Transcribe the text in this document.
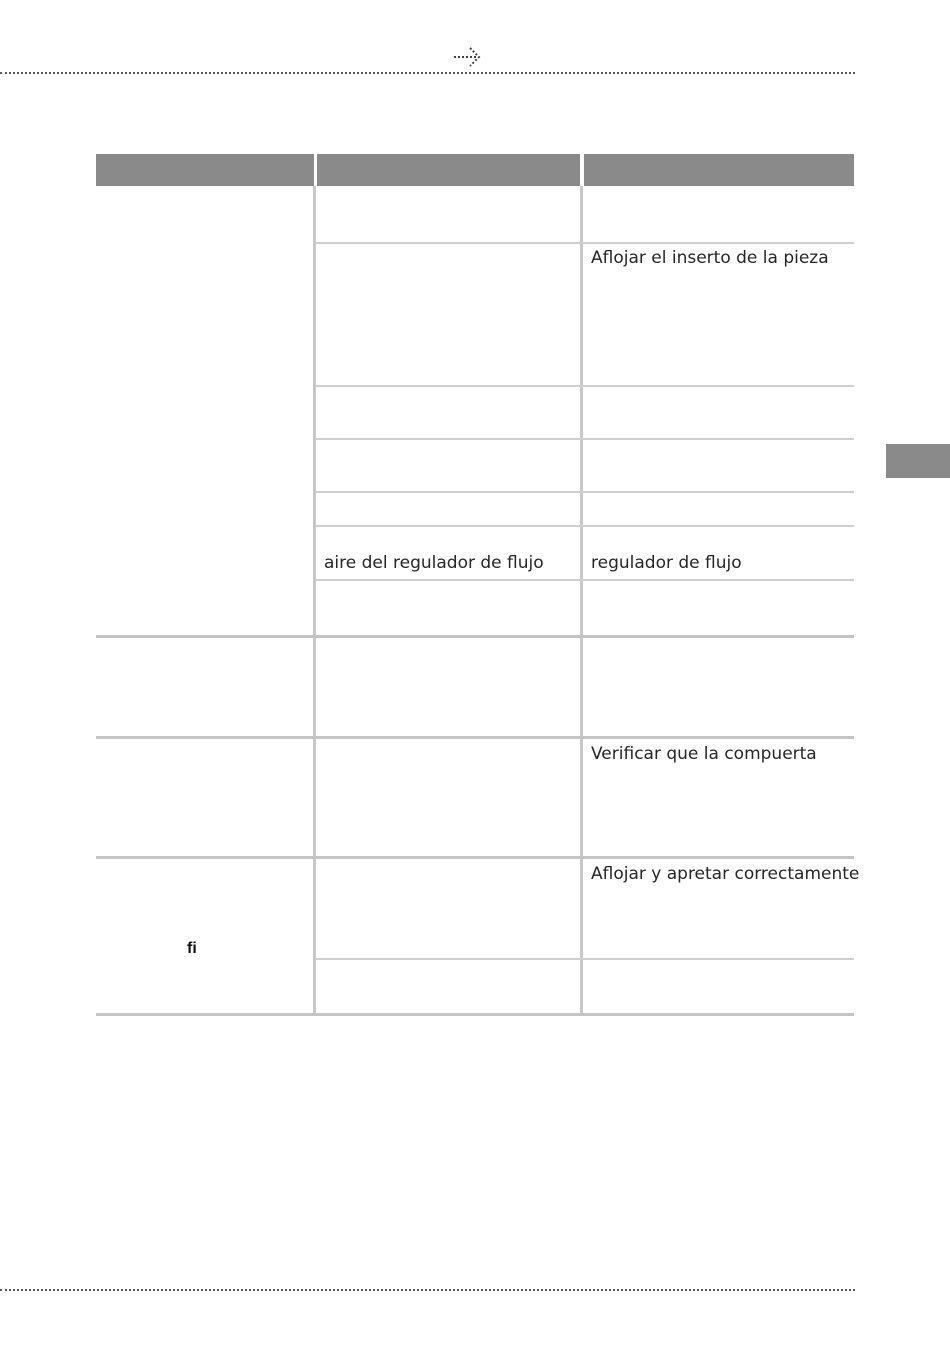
Aflojar el inserto de la pieza
aire del regulador de flujo	regulador de flujo
Verificar que la compuerta
fi
Aflojar y apretar correctamente
